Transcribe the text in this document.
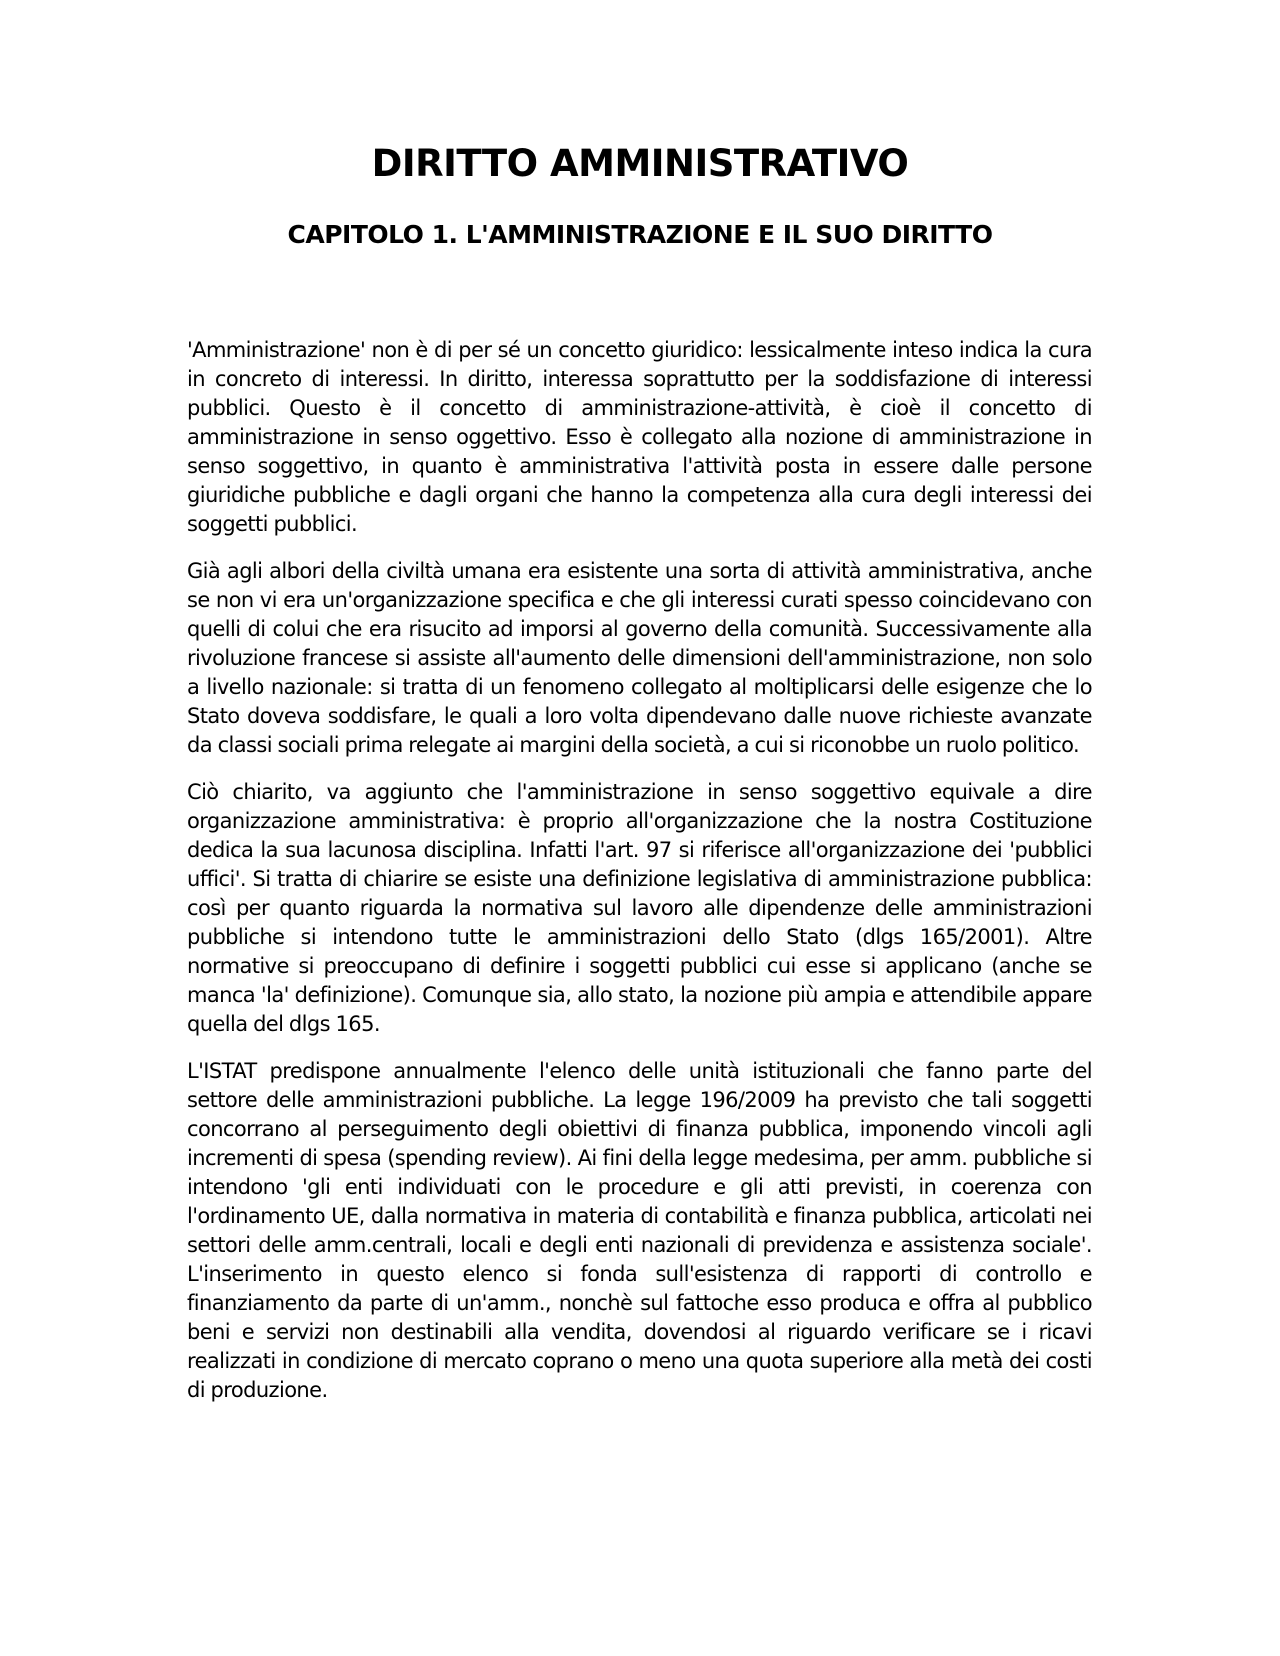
DIRITTO AMMINISTRATIVO
CAPITOLO 1. L'AMMINISTRAZIONE E IL SUO DIRITTO

'Amministrazione' non è di per sé un concetto giuridico: lessicalmente inteso indica la cura in concreto di interessi. In diritto, interessa soprattutto per la soddisfazione di interessi pubblici. Questo è il concetto di amministrazione-attività, è cioè il concetto di amministrazione in senso oggettivo. Esso è collegato alla nozione di amministrazione in senso soggettivo, in quanto è amministrativa l'attività posta in essere dalle persone giuridiche pubbliche e dagli organi che hanno la competenza alla cura degli interessi dei soggetti pubblici.

Già agli albori della civiltà umana era esistente una sorta di attività amministrativa, anche se non vi era un'organizzazione specifica e che gli interessi curati spesso coincidevano con quelli di colui che era risucito ad imporsi al governo della comunità. Successivamente alla rivoluzione francese si assiste all'aumento delle dimensioni dell'amministrazione, non solo a livello nazionale: si tratta di un fenomeno collegato al moltiplicarsi delle esigenze che lo Stato doveva soddisfare, le quali a loro volta dipendevano dalle nuove richieste avanzate da classi sociali prima relegate ai margini della società, a cui si riconobbe un ruolo politico.

Ciò chiarito, va aggiunto che l'amministrazione in senso soggettivo equivale a dire organizzazione amministrativa: è proprio all'organizzazione che la nostra Costituzione dedica la sua lacunosa disciplina. Infatti l'art. 97 si riferisce all'organizzazione dei 'pubblici uffici'. Si tratta di chiarire se esiste una definizione legislativa di amministrazione pubblica: così per quanto riguarda la normativa sul lavoro alle dipendenze delle amministrazioni pubbliche si intendono tutte le amministrazioni dello Stato (dlgs 165/2001). Altre normative si preoccupano di definire i soggetti pubblici cui esse si applicano (anche se manca 'la' definizione). Comunque sia, allo stato, la nozione più ampia e attendibile appare quella del dlgs 165.

L'ISTAT predispone annualmente l'elenco delle unità istituzionali che fanno parte del settore delle amministrazioni pubbliche. La legge 196/2009 ha previsto che tali soggetti concorrano al perseguimento degli obiettivi di finanza pubblica, imponendo vincoli agli incrementi di spesa (spending review). Ai fini della legge medesima, per amm. pubbliche si intendono 'gli enti individuati con le procedure e gli atti previsti, in coerenza con l'ordinamento UE, dalla normativa in materia di contabilità e finanza pubblica, articolati nei settori delle amm.centrali, locali e degli enti nazionali di previdenza e assistenza sociale'. L'inserimento in questo elenco si fonda sull'esistenza di rapporti di controllo e finanziamento da parte di un'amm., nonchè sul fattoche esso produca e offra al pubblico beni e servizi non destinabili alla vendita, dovendosi al riguardo verificare se i ricavi realizzati in condizione di mercato coprano o meno una quota superiore alla metà dei costi di produzione.
